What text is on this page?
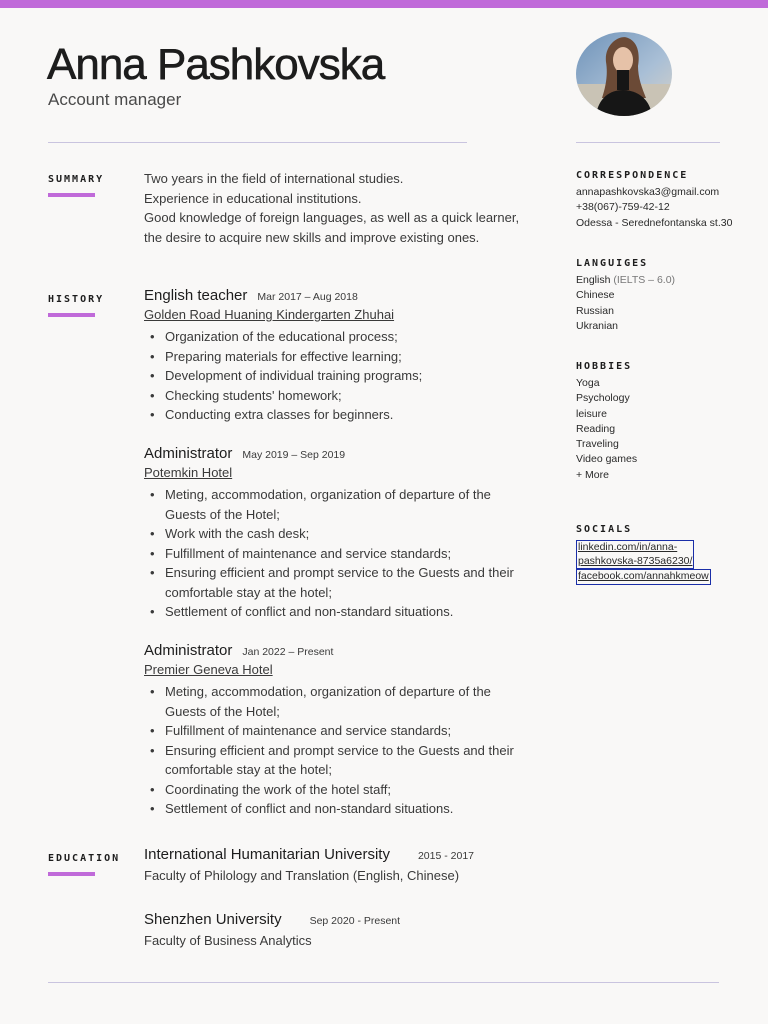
Anna Pashkovska
Account manager
SUMMARY	Two years in the field of international studies.
Experience in educational institutions.
Good knowledge of foreign languages, as well as a quick learner, the desire to acquire new skills and improve existing ones.
HISTORY	English teacher Mar 2017 – Aug 2018
Golden Road Huaning Kindergarten Zhuhai
• Organization of the educational process;
• Preparing materials for effective learning;
• Development of individual training programs;
• Checking students' homework;
• Conducting extra classes for beginners.
Administrator May 2019 – Sep 2019
Potemkin Hotel
• Meting, accommodation, organization of departure of the Guests of the Hotel;
• Work with the cash desk;
• Fulfillment of maintenance and service standards;
• Ensuring efficient and prompt service to the Guests and their comfortable stay at the hotel;
• Settlement of conflict and non-standard situations.
Administrator Jan 2022 – Present
Premier Geneva Hotel
• Meting, accommodation, organization of departure of the Guests of the Hotel;
• Fulfillment of maintenance and service standards;
• Ensuring efficient and prompt service to the Guests and their comfortable stay at the hotel;
• Coordinating the work of the hotel staff;
• Settlement of conflict and non-standard situations.
EDUCATION International Humanitarian University	2015 - 2017
Faculty of Philology and Translation (English, Chinese)
Shenzhen University	Sep 2020 - Present
Faculty of Business Analytics
CORRESPONDENCE
annapashkovska3@gmail.com
+38(067)-759-42-12
Odessa - Serednefontanska st.30
LANGUIGES
English (IELTS – 6.0)
Chinese
Russian
Ukranian
HOBBIES
Yoga
Psychology
leisure
Reading
Traveling
Video games
+ More
SOCIALS
linkedin.com/in/anna-
pashkovska-8735a6230/
facebook.com/annahkmeow
